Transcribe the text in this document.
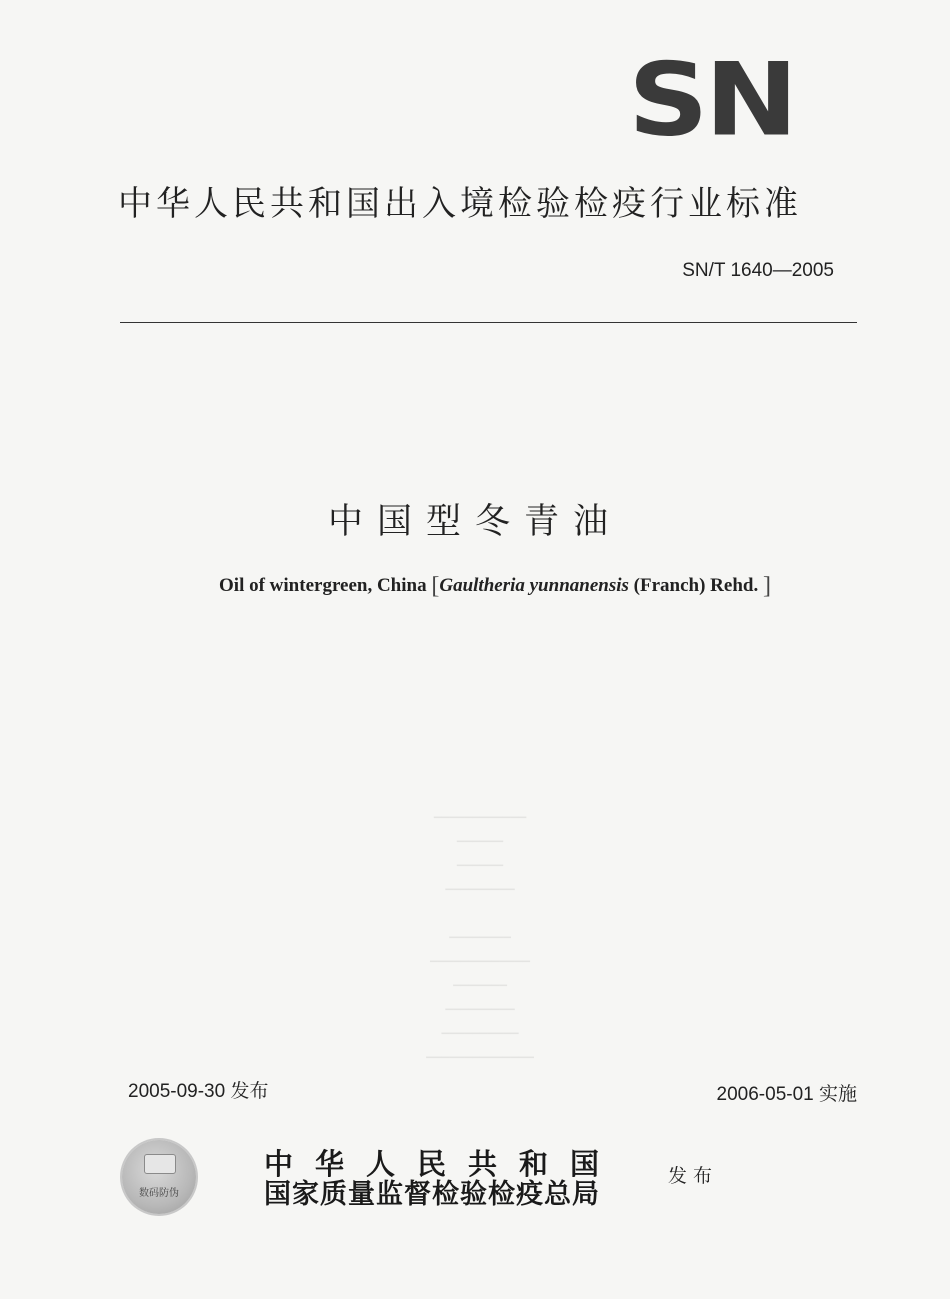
SN
中华人民共和国出入境检验检疫行业标准
SN/T 1640—2005
中国型冬青油
Oil of wintergreen, China [Gaultheria yunnanensis (Franch) Rehd. ]
▔▔▔▔▔▔▔▔▔▔▔▔
▔▔▔▔▔▔
▔▔▔▔▔▔
▔▔▔▔▔▔▔▔▔

▔▔▔▔▔▔▔▔
▔▔▔▔▔▔▔▔▔▔▔▔▔
▔▔▔▔▔▔▔
▔▔▔▔▔▔▔▔▔
▔▔▔▔▔▔▔▔▔▔
▔▔▔▔▔▔▔▔▔▔▔▔▔▔
2005-09-30 发布	2006-05-01 实施
数码防伪
中华人民共和国
国家质量监督检验检疫总局
发布
